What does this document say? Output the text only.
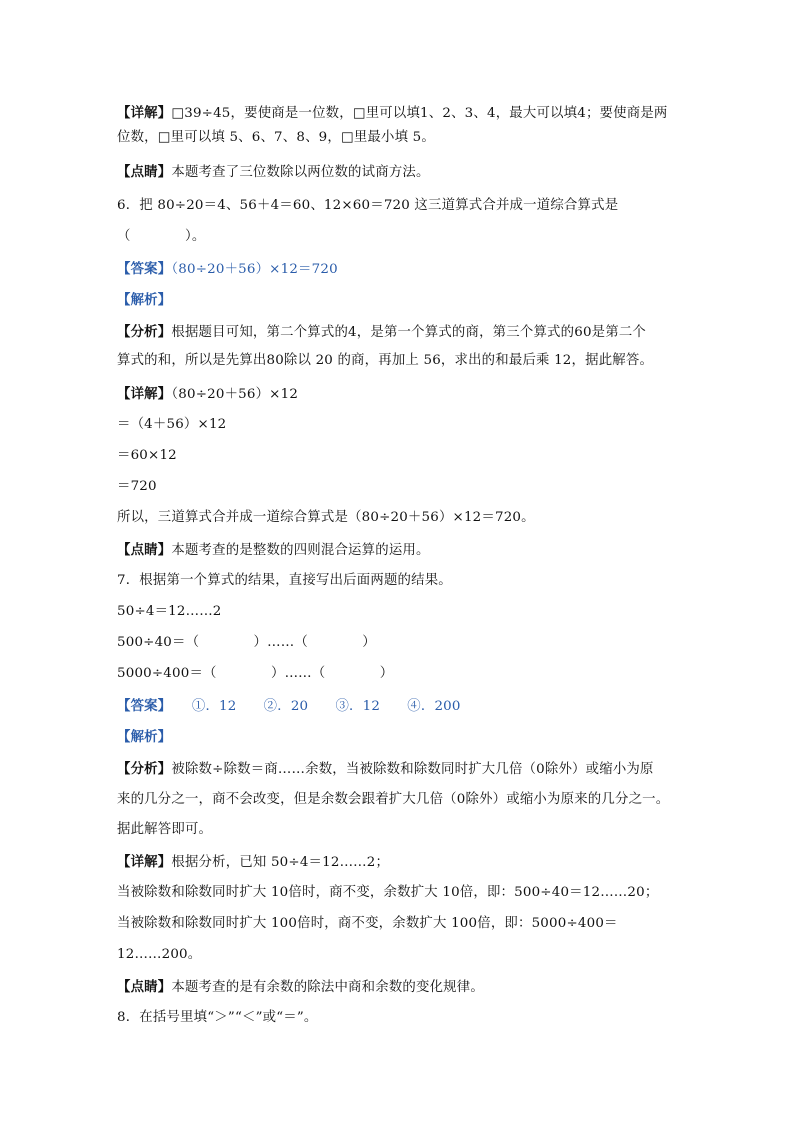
【详解】□39÷45，要使商是一位数，□里可以填1、2、3、4，最大可以填4；要使商是两
位数，□里可以填 5、6、7、8、9，□里最小填 5。
【点睛】本题考查了三位数除以两位数的试商方法。
6．把 80÷20＝4、56＋4＝60、12×60＝720 这三道算式合并成一道综合算式是
（　　　　）。
【答案】（80÷20＋56）×12＝720
【解析】
【分析】根据题目可知，第二个算式的4，是第一个算式的商，第三个算式的60是第二个
算式的和，所以是先算出80除以 20 的商，再加上 56，求出的和最后乘 12，据此解答。
【详解】（80÷20＋56）×12
＝（4＋56）×12
＝60×12
＝720
所以，三道算式合并成一道综合算式是（80÷20＋56）×12＝720。
【点睛】本题考查的是整数的四则混合运算的运用。
7．根据第一个算式的结果，直接写出后面两题的结果。
50÷4＝12……2
500÷40＝（　　　　）……（　　　　）
5000÷400＝（　　　　）……（　　　　）
【答案】　　①．12　　②．20　　③．12　　④．200
【解析】
【分析】被除数÷除数＝商……余数，当被除数和除数同时扩大几倍（0除外）或缩小为原
来的几分之一，商不会改变，但是余数会跟着扩大几倍（0除外）或缩小为原来的几分之一。
据此解答即可。
【详解】根据分析，已知 50÷4＝12……2；
当被除数和除数同时扩大 10倍时，商不变，余数扩大 10倍，即：500÷40＝12……20；
当被除数和除数同时扩大 100倍时，商不变，余数扩大 100倍，即：5000÷400＝
12……200。
【点睛】本题考查的是有余数的除法中商和余数的变化规律。
8．在括号里填“＞”“＜”或“＝”。
